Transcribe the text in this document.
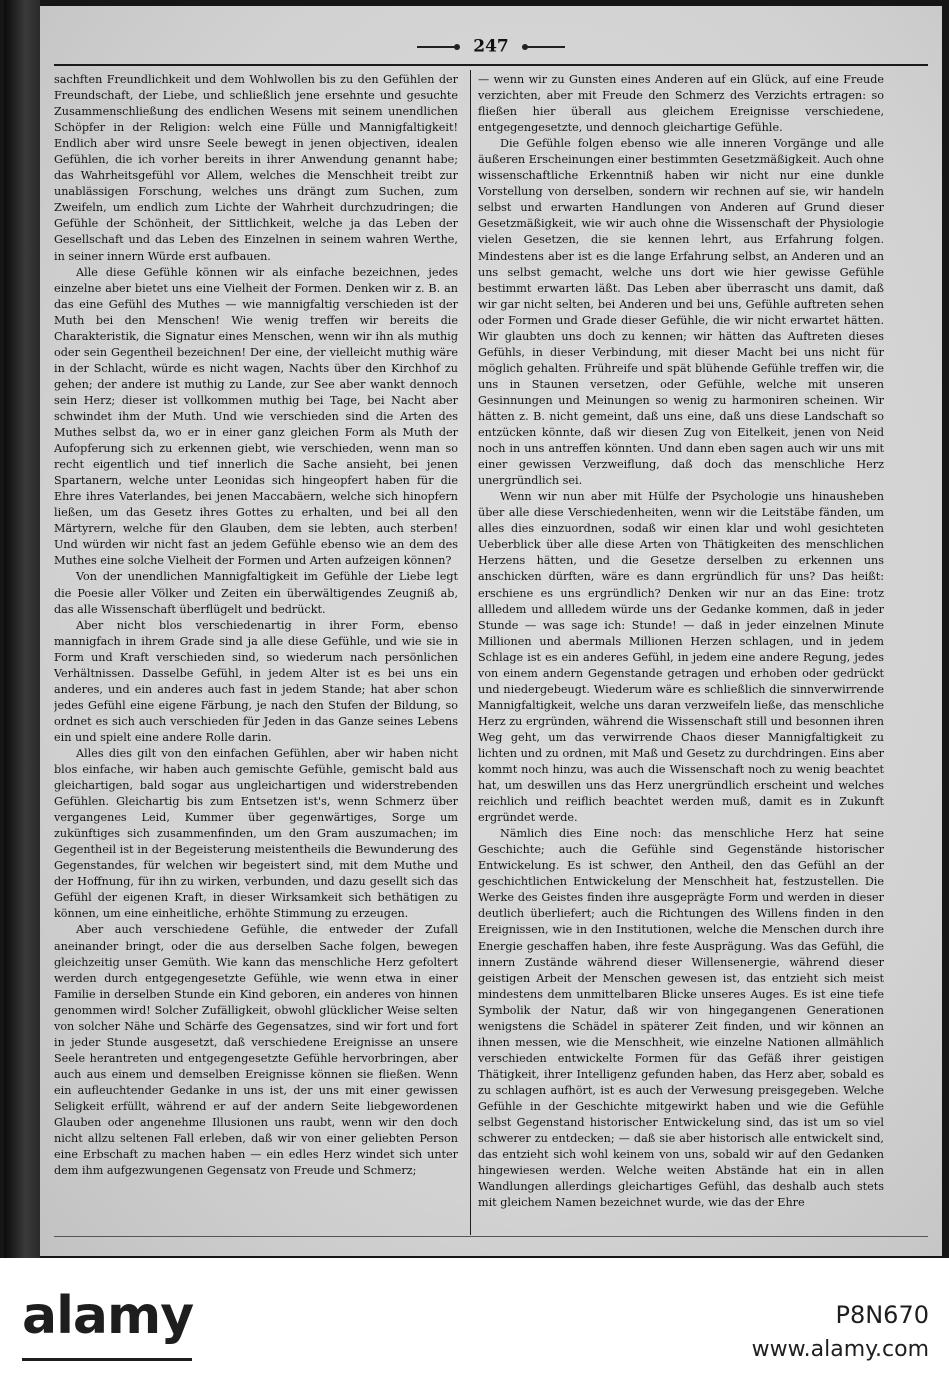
247

sachften Freundlichkeit und dem Wohlwollen bis zu den Gefühlen der Freundschaft, der Liebe, und schließlich jene ersehnte und gesuchte Zusammenschließung des endlichen Wesens mit seinem unendlichen Schöpfer in der Religion: welch eine Fülle und Mannigfaltigkeit! Endlich aber wird unsre Seele bewegt in jenen objectiven, idealen Gefühlen, die ich vorher bereits in ihrer Anwendung genannt habe; das Wahrheitsgefühl vor Allem, welches die Menschheit treibt zur unablässigen Forschung, welches uns drängt zum Suchen, zum Zweifeln, um endlich zum Lichte der Wahrheit durchzudringen; die Gefühle der Schönheit, der Sittlichkeit, welche ja das Leben der Gesellschaft und das Leben des Einzelnen in seinem wahren Werthe, in seiner innern Würde erst aufbauen.

Alle diese Gefühle können wir als einfache bezeichnen, jedes einzelne aber bietet uns eine Vielheit der Formen. Denken wir z. B. an das eine Gefühl des Muthes — wie mannigfaltig verschieden ist der Muth bei den Menschen! Wie wenig treffen wir bereits die Charakteristik, die Signatur eines Menschen, wenn wir ihn als muthig oder sein Gegentheil bezeichnen! Der eine, der vielleicht muthig wäre in der Schlacht, würde es nicht wagen, Nachts über den Kirchhof zu gehen; der andere ist muthig zu Lande, zur See aber wankt dennoch sein Herz; dieser ist vollkommen muthig bei Tage, bei Nacht aber schwindet ihm der Muth. Und wie verschieden sind die Arten des Muthes selbst da, wo er in einer ganz gleichen Form als Muth der Aufopferung sich zu erkennen giebt, wie verschieden, wenn man so recht eigentlich und tief innerlich die Sache ansieht, bei jenen Spartanern, welche unter Leonidas sich hingeopfert haben für die Ehre ihres Vaterlandes, bei jenen Maccabäern, welche sich hinopfern ließen, um das Gesetz ihres Gottes zu erhalten, und bei all den Märtyrern, welche für den Glauben, dem sie lebten, auch sterben! Und würden wir nicht fast an jedem Gefühle ebenso wie an dem des Muthes eine solche Vielheit der Formen und Arten aufzeigen können?

Von der unendlichen Mannigfaltigkeit im Gefühle der Liebe legt die Poesie aller Völker und Zeiten ein überwältigendes Zeugniß ab, das alle Wissenschaft überflügelt und bedrückt.

Aber nicht blos verschiedenartig in ihrer Form, ebenso mannigfach in ihrem Grade sind ja alle diese Gefühle, und wie sie in Form und Kraft verschieden sind, so wiederum nach persönlichen Verhältnissen. Dasselbe Gefühl, in jedem Alter ist es bei uns ein anderes, und ein anderes auch fast in jedem Stande; hat aber schon jedes Gefühl eine eigene Färbung, je nach den Stufen der Bildung, so ordnet es sich auch verschieden für Jeden in das Ganze seines Lebens ein und spielt eine andere Rolle darin.

Alles dies gilt von den einfachen Gefühlen, aber wir haben nicht blos einfache, wir haben auch gemischte Gefühle, gemischt bald aus gleichartigen, bald sogar aus ungleichartigen und widerstrebenden Gefühlen. Gleichartig bis zum Entsetzen ist's, wenn Schmerz über vergangenes Leid, Kummer über gegenwärtiges, Sorge um zukünftiges sich zusammenfinden, um den Gram auszumachen; im Gegentheil ist in der Begeisterung meistentheils die Bewunderung des Gegenstandes, für welchen wir begeistert sind, mit dem Muthe und der Hoffnung, für ihn zu wirken, verbunden, und dazu gesellt sich das Gefühl der eigenen Kraft, in dieser Wirksamkeit sich bethätigen zu können, um eine einheitliche, erhöhte Stimmung zu erzeugen.

Aber auch verschiedene Gefühle, die entweder der Zufall aneinander bringt, oder die aus derselben Sache folgen, bewegen gleichzeitig unser Gemüth. Wie kann das menschliche Herz gefoltert werden durch entgegengesetzte Gefühle, wie wenn etwa in einer Familie in derselben Stunde ein Kind geboren, ein anderes von hinnen genommen wird! Solcher Zufälligkeit, obwohl glücklicher Weise selten von solcher Nähe und Schärfe des Gegensatzes, sind wir fort und fort in jeder Stunde ausgesetzt, daß verschiedene Ereignisse an unsere Seele herantreten und entgegengesetzte Gefühle hervorbringen, aber auch aus einem und demselben Ereignisse können sie fließen. Wenn ein aufleuchtender Gedanke in uns ist, der uns mit einer gewissen Seligkeit erfüllt, während er auf der andern Seite liebgewordenen Glauben oder angenehme Illusionen uns raubt, wenn wir den doch nicht allzu seltenen Fall erleben, daß wir von einer geliebten Person eine Erbschaft zu machen haben — ein edles Herz windet sich unter dem ihm aufgezwungenen Gegensatz von Freude und Schmerz;

— wenn wir zu Gunsten eines Anderen auf ein Glück, auf eine Freude verzichten, aber mit Freude den Schmerz des Verzichts ertragen: so fließen hier überall aus gleichem Ereignisse verschiedene, entgegengesetzte, und dennoch gleichartige Gefühle.

Die Gefühle folgen ebenso wie alle inneren Vorgänge und alle äußeren Erscheinungen einer bestimmten Gesetzmäßigkeit. Auch ohne wissenschaftliche Erkenntniß haben wir nicht nur eine dunkle Vorstellung von derselben, sondern wir rechnen auf sie, wir handeln selbst und erwarten Handlungen von Anderen auf Grund dieser Gesetzmäßigkeit, wie wir auch ohne die Wissenschaft der Physiologie vielen Gesetzen, die sie kennen lehrt, aus Erfahrung folgen. Mindestens aber ist es die lange Erfahrung selbst, an Anderen und an uns selbst gemacht, welche uns dort wie hier gewisse Gefühle bestimmt erwarten läßt. Das Leben aber überrascht uns damit, daß wir gar nicht selten, bei Anderen und bei uns, Gefühle auftreten sehen oder Formen und Grade dieser Gefühle, die wir nicht erwartet hätten. Wir glaubten uns doch zu kennen; wir hätten das Auftreten dieses Gefühls, in dieser Verbindung, mit dieser Macht bei uns nicht für möglich gehalten. Frühreife und spät blühende Gefühle treffen wir, die uns in Staunen versetzen, oder Gefühle, welche mit unseren Gesinnungen und Meinungen so wenig zu harmoniren scheinen. Wir hätten z. B. nicht gemeint, daß uns eine, daß uns diese Landschaft so entzücken könnte, daß wir diesen Zug von Eitelkeit, jenen von Neid noch in uns antreffen könnten. Und dann eben sagen auch wir uns mit einer gewissen Verzweiflung, daß doch das menschliche Herz unergründlich sei.

Wenn wir nun aber mit Hülfe der Psychologie uns hinausheben über alle diese Verschiedenheiten, wenn wir die Leitstäbe fänden, um alles dies einzuordnen, sodaß wir einen klar und wohl gesichteten Ueberblick über alle diese Arten von Thätigkeiten des menschlichen Herzens hätten, und die Gesetze derselben zu erkennen uns anschicken dürften, wäre es dann ergründlich für uns? Das heißt: erschiene es uns ergründlich? Denken wir nur an das Eine: trotz allledem und allledem würde uns der Gedanke kommen, daß in jeder Stunde — was sage ich: Stunde! — daß in jeder einzelnen Minute Millionen und abermals Millionen Herzen schlagen, und in jedem Schlage ist es ein anderes Gefühl, in jedem eine andere Regung, jedes von einem andern Gegenstande getragen und erhoben oder gedrückt und niedergebeugt. Wiederum wäre es schließlich die sinnverwirrende Mannigfaltigkeit, welche uns daran verzweifeln ließe, das menschliche Herz zu ergründen, während die Wissenschaft still und besonnen ihren Weg geht, um das verwirrende Chaos dieser Mannigfaltigkeit zu lichten und zu ordnen, mit Maß und Gesetz zu durchdringen. Eins aber kommt noch hinzu, was auch die Wissenschaft noch zu wenig beachtet hat, um deswillen uns das Herz unergründlich erscheint und welches reichlich und reiflich beachtet werden muß, damit es in Zukunft ergründet werde.

Nämlich dies Eine noch: das menschliche Herz hat seine Geschichte; auch die Gefühle sind Gegenstände historischer Entwickelung. Es ist schwer, den Antheil, den das Gefühl an der geschichtlichen Entwickelung der Menschheit hat, festzustellen. Die Werke des Geistes finden ihre ausgeprägte Form und werden in dieser deutlich überliefert; auch die Richtungen des Willens finden in den Ereignissen, wie in den Institutionen, welche die Menschen durch ihre Energie geschaffen haben, ihre feste Ausprägung. Was das Gefühl, die innern Zustände während dieser Willensenergie, während dieser geistigen Arbeit der Menschen gewesen ist, das entzieht sich meist mindestens dem unmittelbaren Blicke unseres Auges. Es ist eine tiefe Symbolik der Natur, daß wir von hingegangenen Generationen wenigstens die Schädel in späterer Zeit finden, und wir können an ihnen messen, wie die Menschheit, wie einzelne Nationen allmählich verschieden entwickelte Formen für das Gefäß ihrer geistigen Thätigkeit, ihrer Intelligenz gefunden haben, das Herz aber, sobald es zu schlagen aufhört, ist es auch der Verwesung preisgegeben. Welche Gefühle in der Geschichte mitgewirkt haben und wie die Gefühle selbst Gegenstand historischer Entwickelung sind, das ist um so viel schwerer zu entdecken; — daß sie aber historisch alle entwickelt sind, das entzieht sich wohl keinem von uns, sobald wir auf den Gedanken hingewiesen werden. Welche weiten Abstände hat ein in allen Wandlungen allerdings gleichartiges Gefühl, das deshalb auch stets mit gleichem Namen bezeichnet wurde, wie das der Ehre

alamy	P8N670
www.alamy.com
